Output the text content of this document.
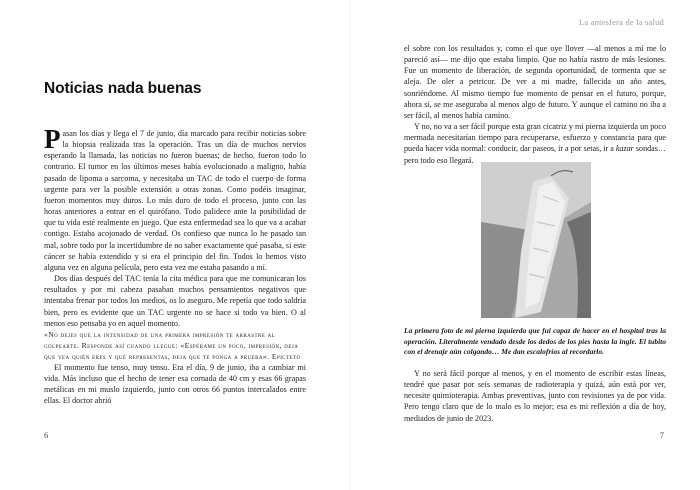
Noticias nada buenas

Pasan los días y llega el 7 de junio, día marcado para recibir noticias sobre la biopsia realizada tras la operación. Tras un día de muchos nervios esperando la llamada, las noticias no fueron buenas; de hecho, fueron todo lo contrario. El tumor en los últimos meses había evolucionado a maligno, había pasado de lipoma a sarcoma, y necesitaba un TAC de todo el cuerpo de forma urgente para ver la posible extensión a otras zonas. Como podéis imaginar, fueron momentos muy duros. Lo más duro de todo el proceso, junto con las horas anteriores a entrar en el quirófano. Todo palidece ante la posibilidad de que tu vida esté realmente en juego. Que esta enfermedad sea lo que va a acabar contigo. Estaba acojonado de verdad. Os confieso que nunca lo he pasado tan mal, sobre todo por la incertidumbre de no saber exactamente qué pasaba, si este cáncer se había extendido y si era el principio del fin. Todos lo hemos visto alguna vez en alguna película, pero esta vez me estaba pasando a mí.

Dos días después del TAC tenía la cita médica para que me comunicaran los resultados y por mi cabeza pasaban muchos pensamientos negativos que intentaba frenar por todos los medios, os lo aseguro. Me repetía que todo saldría bien, pero es evidente que un TAC urgente no se hace si todo va bien. O al menos eso pensaba yo en aquel momento.

«No dejes que la intensidad de una primera impresión te arrastre al golpearte. Responde así cuando llegue: «Espérame un poco, impresión, deja que vea quién eres y qué representas, deja que te ponga a prueba». Epicteto

El momento fue tenso, muy tenso. Era el día, 9 de junio, iba a cambiar mi vida. Más incluso que el hecho de tener esa cornada de 40 cm y esas 66 grapas metálicas en mi muslo izquierdo, junto con otros 66 puntos intercalados entre ellas. El doctor abrió

6
La antesfera de la salud

el sobre con los resultados y, como el que oye llover —al menos a mí me lo pareció así— me dijo que estaba limpio. Que no había rastro de más lesiones. Fue un momento de liberación, de segunda oportunidad, de tormenta que se aleja. De oler a petricor. De ver a mi madre, fallecida un año antes, sonriéndome. Al mismo tiempo fue momento de pensar en el futuro, porque, ahora sí, se me aseguraba al menos algo de futuro. Y aunque el camino no iba a ser fácil, al menos había camino.

Y no, no va a ser fácil porque esta gran cicatriz y mi pierna izquierda un poco mermada necesitarían tiempo para recuperarse, esfuerzo y constancia para que pueda hacer vida normal: conducir, dar paseos, ir a por setas, ir a kazar sondas… pero todo eso llegará.

La primera foto de mi pierna izquierda que fui capaz de hacer en el hospital tras la operación. Literalmente vendado desde los dedos de los pies hasta la ingle. El tubito con el drenaje aún colgando… Me dan escalofríos al recordarlo.

Y no será fácil porque al menos, y en el momento de escribir estas líneas, tendré que pasar por seis semanas de radioterapia y quizá, aún está por ver, necesite quimioterapia. Ambas preventivas, junto con revisiones ya de por vida. Pero tengo claro que de lo malo es lo mejor; esa es mi reflexión a día de hoy, mediados de junio de 2023.

7
